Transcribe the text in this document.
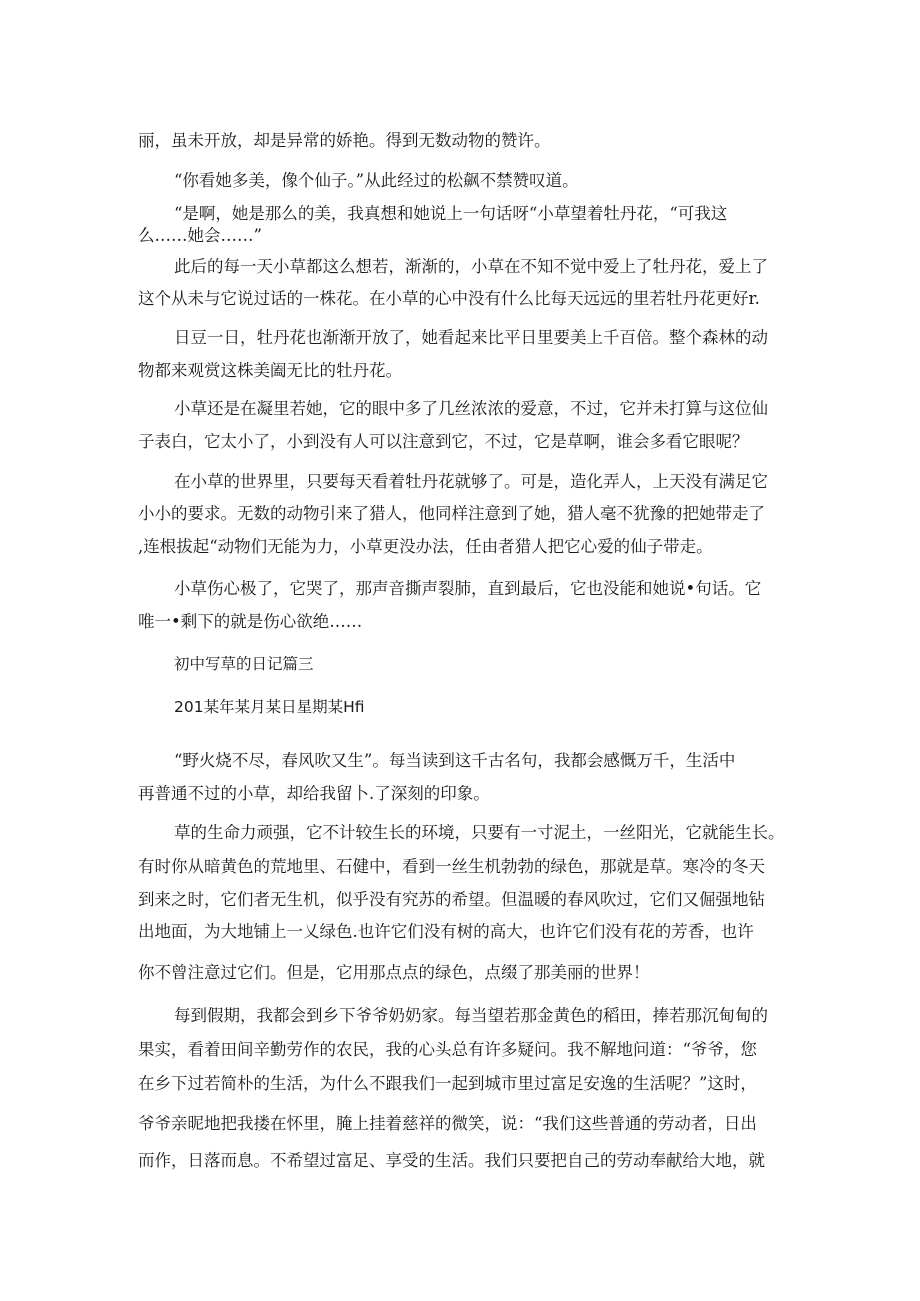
丽，虽未开放，却是异常的娇艳。得到无数动物的赞许。
“你看她多美，像个仙子。”从此经过的松飙不禁赞叹道。
“是啊，她是那么的美，我真想和她说上一句话呀“小草望着牡丹花，“可我这
么……她会……”
此后的每一天小草都这么想若，渐渐的，小草在不知不觉中爱上了牡丹花，爱上了
这个从未与它说过话的一株花。在小草的心中没有什么比每天远远的里若牡丹花更好r.
日豆一日，牡丹花也渐渐开放了，她看起来比平日里要美上千百倍。整个森林的动
物都来观赏这株美阖无比的牡丹花。
小草还是在凝里若她，它的眼中多了几丝浓浓的爱意，不过，它并未打算与这位仙
子表白，它太小了，小到没有人可以注意到它，不过，它是草啊，谁会多看它眼呢？
在小草的世界里，只要每天看着牡丹花就够了。可是，造化弄人，上天没有满足它
小小的要求。无数的动物引来了猎人，他同样注意到了她，猎人毫不犹豫的把她带走了
,连根拔起“动物们无能为力，小草更没办法，任由者猎人把它心爱的仙子带走。
小草伤心极了，它哭了，那声音撕声裂肺，直到最后，它也没能和她说•句话。它
唯一•剩下的就是伤心欲绝……
初中写草的日记篇三
201某年某月某日星期某Hfi
“野火烧不尽，春风吹又生”。每当读到这千古名句，我都会感慨万千，生活中
再普通不过的小草，却给我留卜.了深刻的印象。
草的生命力顽强，它不计较生长的环境，只要有一寸泥土，一丝阳光，它就能生长。
有时你从暗黄色的荒地里、石健中，看到一丝生机勃勃的绿色，那就是草。寒冷的冬天
到来之时，它们者无生机，似乎没有究苏的希望。但温暖的春风吹过，它们又倔强地钻
出地面，为大地铺上一乂绿色.也许它们没有树的高大，也许它们没有花的芳香，也许
你不曾注意过它们。但是，它用那点点的绿色，点缀了那美丽的世界！
每到假期，我都会到乡下爷爷奶奶家。每当望若那金黄色的稻田，捧若那沉甸甸的
果实，看着田间辛勤劳作的农民，我的心头总有许多疑问。我不解地问道：“爷爷，您
在乡下过若简朴的生活，为什么不跟我们一起到城市里过富足安逸的生活呢？”这时，
爷爷亲昵地把我搂在怀里，腌上挂着慈祥的微笑，说：“我们这些普通的劳动者，日出
而作，日落而息。不希望过富足、享受的生活。我们只要把自己的劳动奉献给大地，就
